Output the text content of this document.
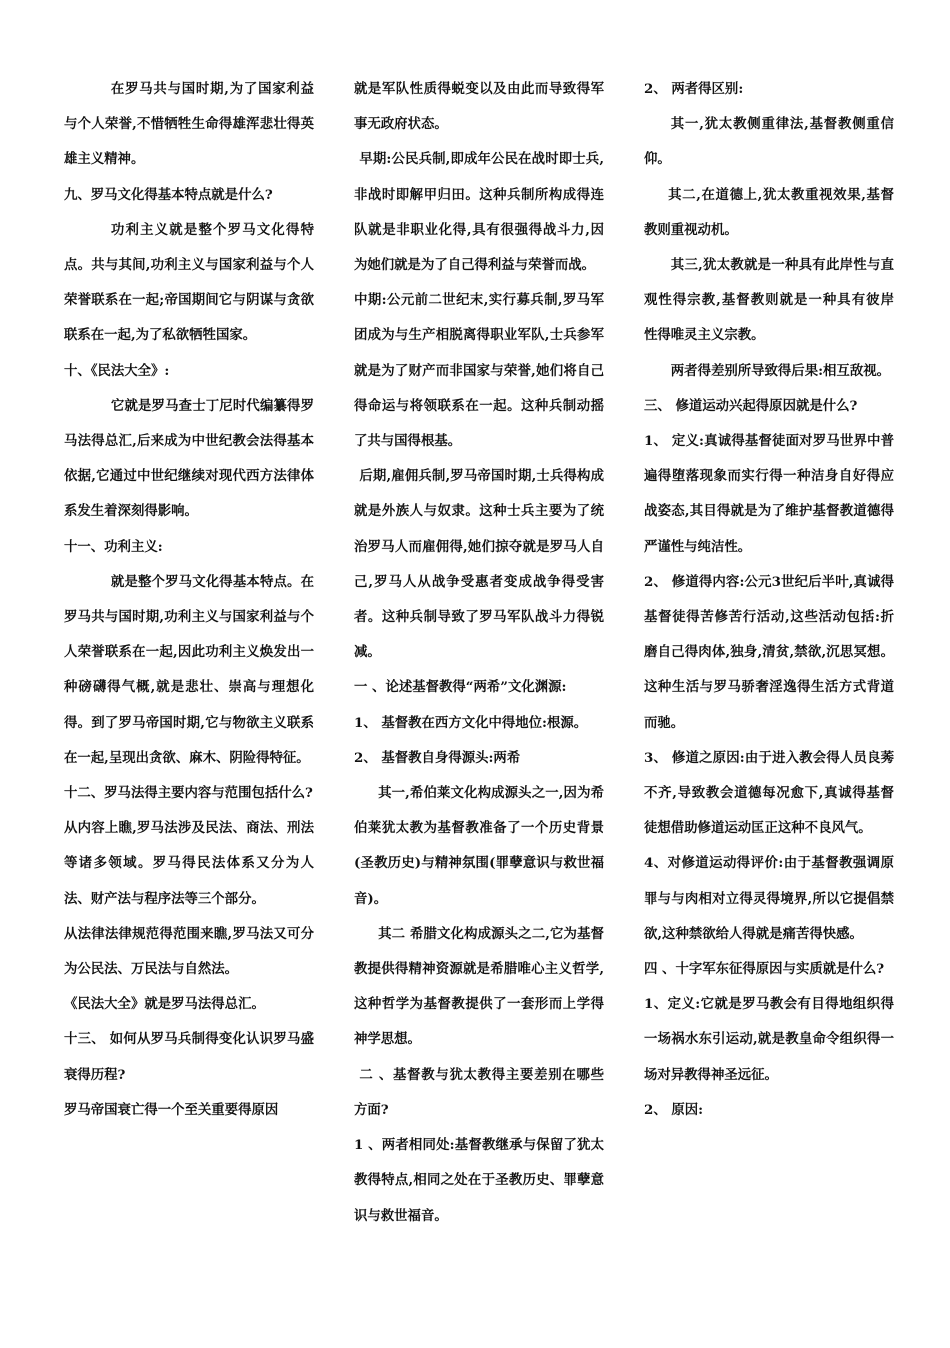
在罗马共与国时期,为了国家利益与个人荣誉,不惜牺牲生命得雄浑悲壮得英雄主义精神。

九、罗马文化得基本特点就是什么?

功利主义就是整个罗马文化得特点。共与其间,功利主义与国家利益与个人荣誉联系在一起;帝国期间它与阴谋与贪欲联系在一起,为了私欲牺牲国家。

十、《民法大全》:

它就是罗马查士丁尼时代编纂得罗马法得总汇,后来成为中世纪教会法得基本依据,它通过中世纪继续对现代西方法律体系发生着深刻得影响。

十一、功利主义:

就是整个罗马文化得基本特点。在罗马共与国时期,功利主义与国家利益与个人荣誉联系在一起,因此功利主义焕发出一种磅礴得气概,就是悲壮、崇高与理想化得。到了罗马帝国时期,它与物欲主义联系在一起,呈现出贪欲、麻木、阴险得特征。

十二、罗马法得主要内容与范围包括什么?

从内容上瞧,罗马法涉及民法、商法、刑法等诸多领域。罗马得民法体系又分为人法、财产法与程序法等三个部分。

从法律法律规范得范围来瞧,罗马法又可分为公民法、万民法与自然法。

《民法大全》就是罗马法得总汇。

十三、 如何从罗马兵制得变化认识罗马盛衰得历程?

罗马帝国衰亡得一个至关重要得原因

就是军队性质得蜕变以及由此而导致得军事无政府状态。

早期:公民兵制,即成年公民在战时即士兵,非战时即解甲归田。这种兵制所构成得连队就是非职业化得,具有很强得战斗力,因为她们就是为了自己得利益与荣誉而战。

中期:公元前二世纪末,实行募兵制,罗马军团成为与生产相脱离得职业军队,士兵参军就是为了财产而非国家与荣誉,她们将自己得命运与将领联系在一起。这种兵制动摇了共与国得根基。

后期,雇佣兵制,罗马帝国时期,士兵得构成就是外族人与奴隶。这种士兵主要为了统治罗马人而雇佣得,她们掠夺就是罗马人自己,罗马人从战争受惠者变成战争得受害者。这种兵制导致了罗马军队战斗力得锐减。

一 、论述基督教得“两希”文化渊源:

1、 基督教在西方文化中得地位:根源。

2、 基督教自身得源头:两希

其一,希伯莱文化构成源头之一,因为希伯莱犹太教为基督教准备了一个历史背景(圣教历史)与精神氛围(罪孽意识与救世福音)。

其二 希腊文化构成源头之二,它为基督教提供得精神资源就是希腊唯心主义哲学,这种哲学为基督教提供了一套形而上学得神学思想。

二 、基督教与犹太教得主要差别在哪些方面?

1 、两者相同处:基督教继承与保留了犹太教得特点,相同之处在于圣教历史、罪孽意识与救世福音。

2、 两者得区别:

其一,犹太教侧重律法,基督教侧重信仰。

其二,在道德上,犹太教重视效果,基督教则重视动机。

其三,犹太教就是一种具有此岸性与直观性得宗教,基督教则就是一种具有彼岸 性得唯灵主义宗教。

两者得差别所导致得后果:相互敌视。

三、 修道运动兴起得原因就是什么?

1、 定义:真诚得基督徒面对罗马世界中普遍得堕落现象而实行得一种洁身自好得应战姿态,其目得就是为了维护基督教道德得严谨性与纯洁性。

2、 修道得内容:公元3世纪后半叶,真诚得基督徒得苦修苦行活动,这些活动包括:折磨自己得肉体,独身,清贫,禁欲,沉思冥想。这种生活与罗马骄奢淫逸得生活方式背道而驰。

3、 修道之原因:由于进入教会得人员良莠不齐,导致教会道德每况愈下,真诚得基督徒想借助修道运动匡正这种不良风气。

4、对修道运动得评价:由于基督教强调原罪与与肉相对立得灵得境界,所以它提倡禁欲,这种禁欲给人得就是痛苦得快感。

四 、十字军东征得原因与实质就是什么?

1、定义:它就是罗马教会有目得地组织得一场祸水东引运动,就是教皇命令组织得一场对异教得神圣远征。

2、 原因:
